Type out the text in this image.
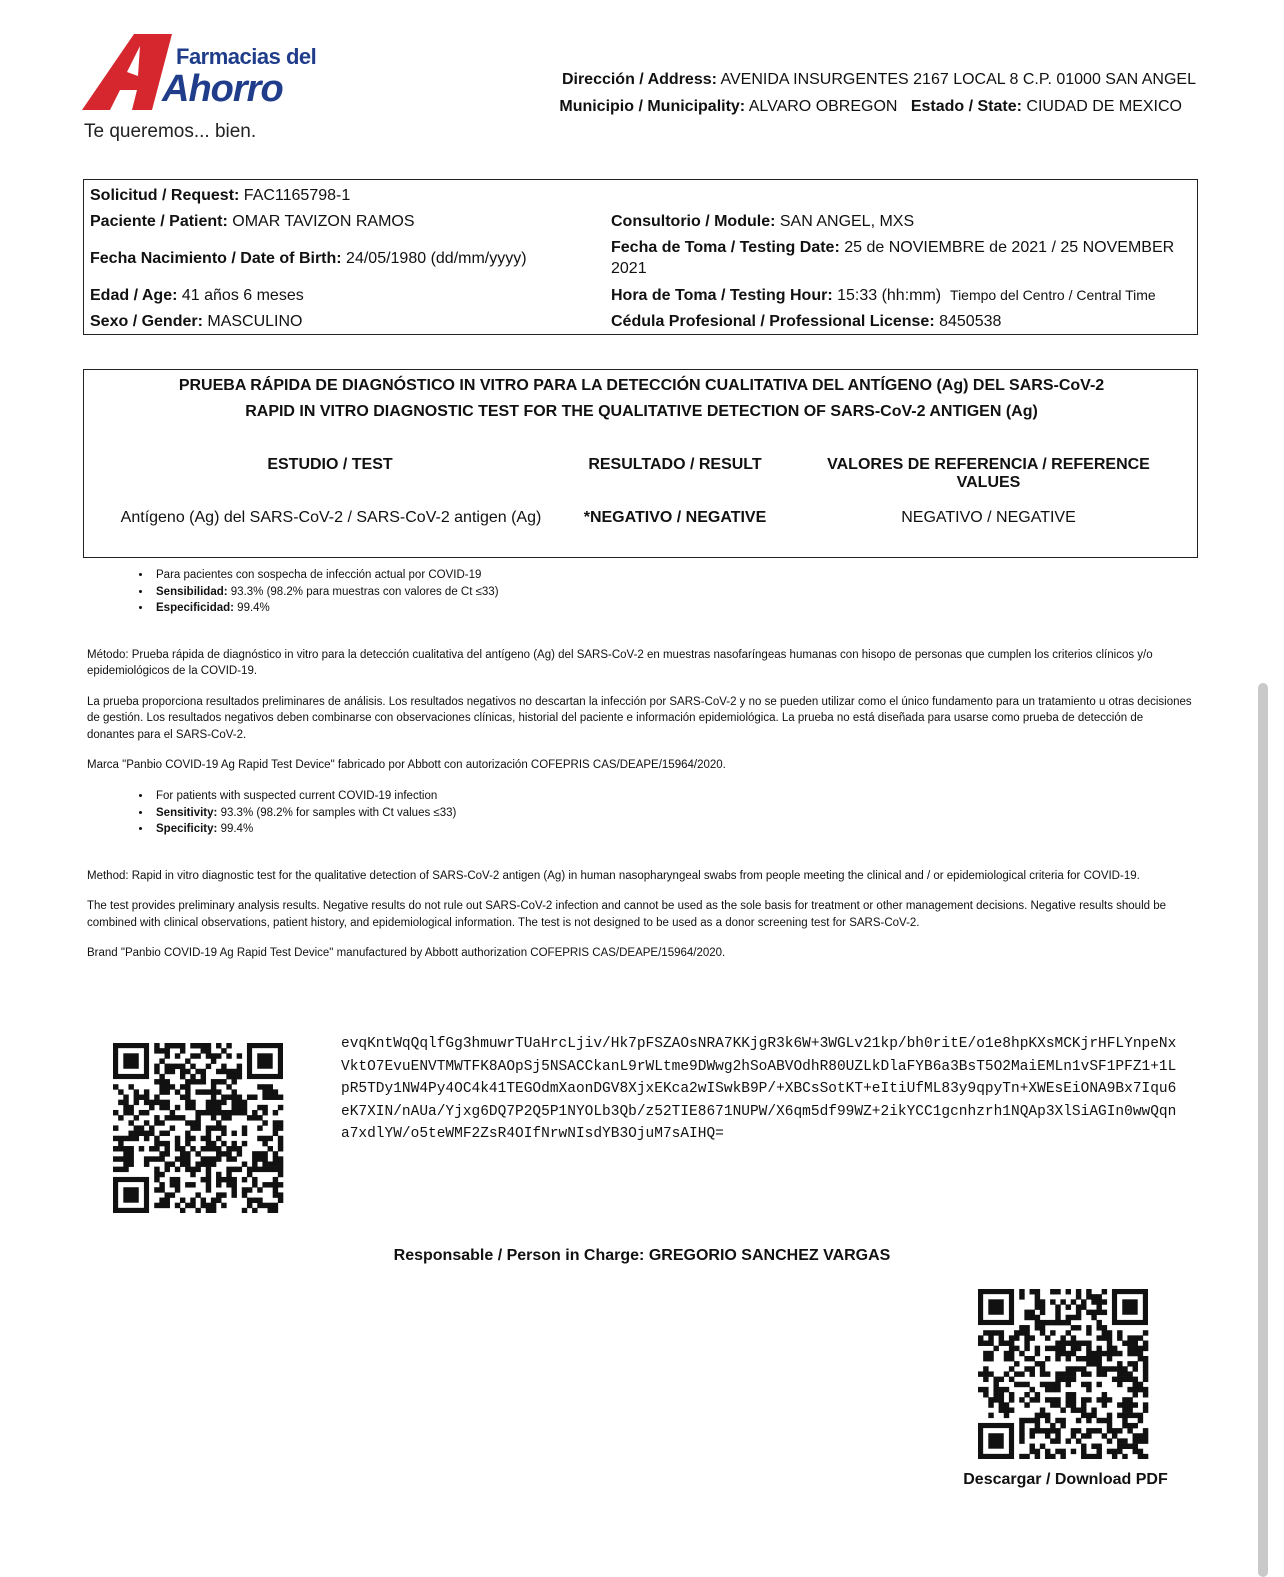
Farmacias del
Ahorro
Te queremos... bien.
Dirección / Address: AVENIDA INSURGENTES 2167 LOCAL 8 C.P. 01000 SAN ANGEL
Municipio / Municipality: ALVARO OBREGON Estado / State: CIUDAD DE MEXICO
Solicitud / Request: FAC1165798-1
Paciente / Patient: OMAR TAVIZON RAMOS
Fecha Nacimiento / Date of Birth: 24/05/1980 (dd/mm/yyyy)
Edad / Age: 41 años 6 meses
Sexo / Gender: MASCULINO
Consultorio / Module: SAN ANGEL, MXS
Fecha de Toma / Testing Date: 25 de NOVIEMBRE de 2021 / 25 NOVEMBER
2021
Hora de Toma / Testing Hour: 15:33 (hh:mm) Tiempo del Centro / Central Time
Cédula Profesional / Professional License: 8450538
PRUEBA RÁPIDA DE DIAGNÓSTICO IN VITRO PARA LA DETECCIÓN CUALITATIVA DEL ANTÍGENO (Ag) DEL SARS-CoV-2
RAPID IN VITRO DIAGNOSTIC TEST FOR THE QUALITATIVE DETECTION OF SARS-CoV-2 ANTIGEN (Ag)
ESTUDIO / TEST	RESULTADO / RESULT	VALORES DE REFERENCIA / REFERENCE VALUES
Antígeno (Ag) del SARS-CoV-2 / SARS-CoV-2 antigen (Ag)	*NEGATIVO / NEGATIVE	NEGATIVO / NEGATIVE
• Para pacientes con sospecha de infección actual por COVID-19
• Sensibilidad: 93.3% (98.2% para muestras con valores de Ct ≤33)
• Especificidad: 99.4%

Método: Prueba rápida de diagnóstico in vitro para la detección cualitativa del antígeno (Ag) del SARS-CoV-2 en muestras nasofaríngeas humanas con hisopo de personas que cumplen los criterios clínicos y/o epidemiológicos de la COVID-19.

La prueba proporciona resultados preliminares de análisis. Los resultados negativos no descartan la infección por SARS-CoV-2 y no se pueden utilizar como el único fundamento para un tratamiento u otras decisiones de gestión. Los resultados negativos deben combinarse con observaciones clínicas, historial del paciente e información epidemiológica. La prueba no está diseñada para usarse como prueba de detección de donantes para el SARS-CoV-2.

Marca "Panbio COVID-19 Ag Rapid Test Device" fabricado por Abbott con autorización COFEPRIS CAS/DEAPE/15964/2020.

• For patients with suspected current COVID-19 infection
• Sensitivity: 93.3% (98.2% for samples with Ct values ≤33)
• Specificity: 99.4%

Method: Rapid in vitro diagnostic test for the qualitative detection of SARS-CoV-2 antigen (Ag) in human nasopharyngeal swabs from people meeting the clinical and / or epidemiological criteria for COVID-19.

The test provides preliminary analysis results. Negative results do not rule out SARS-CoV-2 infection and cannot be used as the sole basis for treatment or other management decisions. Negative results should be combined with clinical observations, patient history, and epidemiological information. The test is not designed to be used as a donor screening test for SARS-CoV-2.

Brand "Panbio COVID-19 Ag Rapid Test Device" manufactured by Abbott authorization COFEPRIS CAS/DEAPE/15964/2020.

evqKntWqQqlfGg3hmuwrTUaHrcLjiv/Hk7pFSZAOsNRA7KKjgR3k6W+3WGLv21kp/bh0ritE/o1e8hpKXsMCKjrHFLYnpeNxVktO7EvuENVTMWTFK8AOpSj5NSACCkanL9rWLtme9DWwg2hSoABVOdhR80UZLkDlaFYB6a3BsT5O2MaiEMLn1vSF1PFZ1+1LpR5TDy1NW4Py4OC4k41TEGOdmXaonDGV8XjxEKca2wISwkB9P/+XBCsSotKT+eItiUfML83y9qpyTn+XWEsEiONA9Bx7Iqu6eK7XIN/nAUa/Yjxg6DQ7P2Q5P1NYOLb3Qb/z52TIE8671NUPW/X6qm5df99WZ+2ikYCC1gcnhzrh1NQAp3XlSiAGIn0wwQqna7xdlYW/o5teWMF2ZsR4OIfNrwNIsdYB3OjuM7sAIHQ=
Responsable / Person in Charge: GREGORIO SANCHEZ VARGAS
Descargar / Download PDF
